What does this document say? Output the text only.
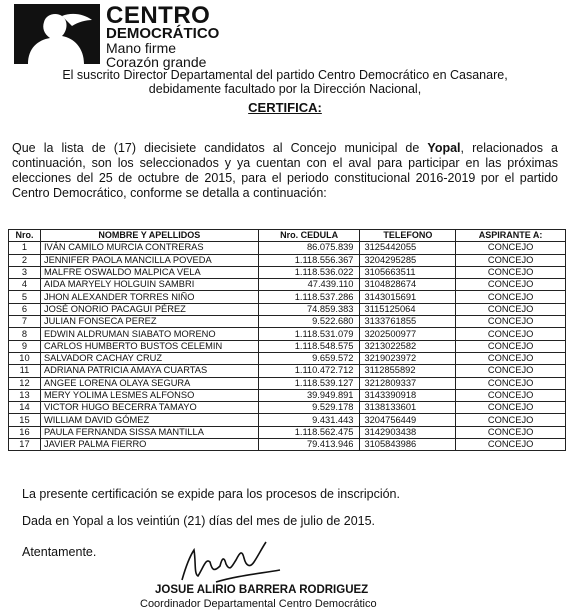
CENTRO
DEMOCRÁTICO
Mano firme
Corazón grande
El suscrito Director Departamental del partido Centro Democrático en Casanare,
debidamente facultado por la Dirección Nacional,
CERTIFICA:
Que la lista de (17) diecisiete candidatos al Concejo municipal de Yopal, relacionados a continuación, son los seleccionados y ya cuentan con el aval para participar en las próximas elecciones del 25 de octubre de 2015, para el periodo constitucional 2016-2019 por el partido Centro Democrático, conforme se detalla a continuación:
Nro.	NOMBRE Y APELLIDOS	Nro. CEDULA	TELEFONO	ASPIRANTE A:
1	IVÁN CAMILO MURCIA CONTRERAS	86.075.839	3125442055	CONCEJO
2	JENNIFER PAOLA MANCILLA POVEDA	1.118.556.367	3204295285	CONCEJO
3	MALFRE OSWALDO MALPICA VELA	1.118.536.022	3105663511	CONCEJO
4	AIDA MARYELY HOLGUIN SAMBRI	47.439.110	3104828674	CONCEJO
5	JHON ALEXANDER TORRES NIÑO	1.118.537.286	3143015691	CONCEJO
6	JOSÉ ONORIO PACAGUI PÉREZ	74.859.383	3115125064	CONCEJO
7	JULIAN FONSECA PEREZ	9.522.680	3133761855	CONCEJO
8	EDWIN ALDRUMAN SIABATO MORENO	1.118.531.079	3202500977	CONCEJO
9	CARLOS HUMBERTO BUSTOS CELEMIN	1.118.548.575	3213022582	CONCEJO
10	SALVADOR CACHAY CRUZ	9.659.572	3219023972	CONCEJO
11	ADRIANA PATRICIA AMAYA CUARTAS	1.110.472.712	3112855892	CONCEJO
12	ANGEE LORENA OLAYA SEGURA	1.118.539.127	3212809337	CONCEJO
13	MERY YOLIMA LESMES ALFONSO	39.949.891	3143390918	CONCEJO
14	VICTOR HUGO BECERRA TAMAYO	9.529.178	3138133601	CONCEJO
15	WILLIAM DAVID GÓMEZ	9.431.443	3204756449	CONCEJO
16	PAULA FERNANDA SISSA MANTILLA	1.118.562.475	3142903438	CONCEJO
17	JAVIER PALMA FIERRO	79.413.946	3105843986	CONCEJO
La presente certificación se expide para los procesos de inscripción.
Dada en Yopal a los veintiún (21) días del mes de julio de 2015.
Atentamente.
JOSUE ALIRIO BARRERA RODRIGUEZ
Coordinador Departamental Centro Democrático
